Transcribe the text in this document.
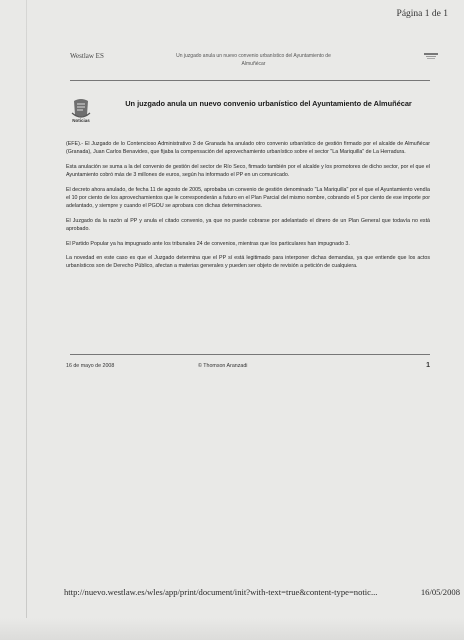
Página 1 de 1
Westlaw ES	Un juzgado anula un nuevo convenio urbanístico del Ayuntamiento de
Almuñécar
Noticias
Un juzgado anula un nuevo convenio urbanístico del Ayuntamiento de Almuñécar

(EFE).- El Juzgado de lo Contencioso Administrativo 3 de Granada ha anulado otro convenio urbanístico de gestión firmado por el alcalde de Almuñécar (Granada), Juan Carlos Benavides, que fijaba la compensación del aprovechamiento urbanístico sobre el sector "La Mariquilla" de La Herradura.

Esta anulación se suma a la del convenio de gestión del sector de Río Seco, firmado también por el alcalde y los promotores de dicho sector, por el que el Ayuntamiento cobró más de 3 millones de euros, según ha informado el PP en un comunicado.

El decreto ahora anulado, de fecha 11 de agosto de 2005, aprobaba un convenio de gestión denominado "La Mariquilla" por el que el Ayuntamiento vendía el 10 por ciento de los aprovechamientos que le corresponderán a futuro en el Plan Parcial del mismo nombre, cobrando el 5 por ciento de ese importe por adelantado, y siempre y cuando el PGOU se aprobara con dichas determinaciones.

El Juzgado da la razón al PP y anula el citado convenio, ya que no puede cobrarse por adelantado el dinero de un Plan General que todavía no está aprobado.

El Partido Popular ya ha impugnado ante los tribunales 24 de convenios, mientras que los particulares han impugnado 3.

La novedad en este caso es que el Juzgado determina que el PP sí está legitimado para interponer dichas demandas, ya que entiende que los actos urbanísticos son de Derecho Público, afectan a materias generales y pueden ser objeto de revisión a petición de cualquiera.

16 de mayo de 2008	© Thomson Aranzadi	1
http://nuevo.westlaw.es/wles/app/print/document/init?with-text=true&content-type=notic...	16/05/2008
